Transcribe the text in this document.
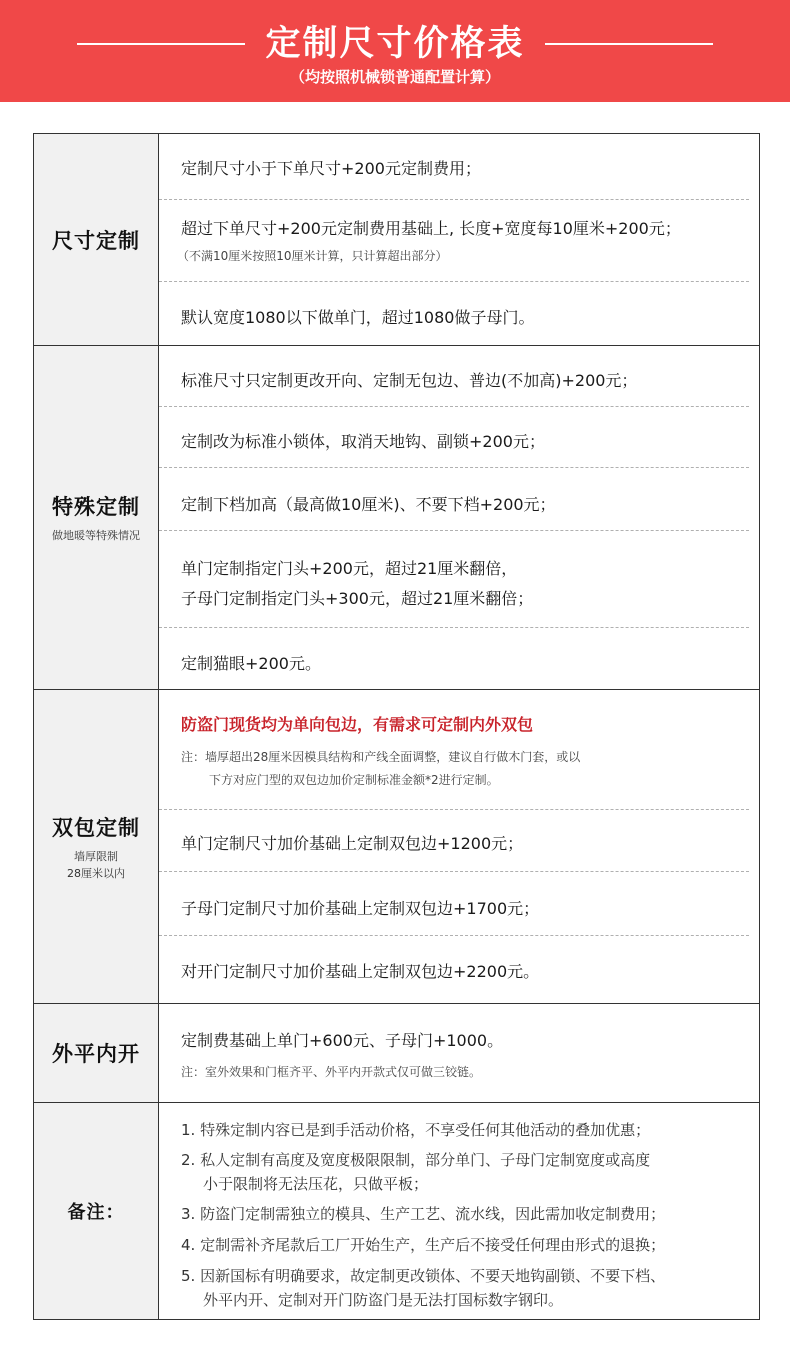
定制尺寸价格表
（均按照机械锁普通配置计算）
尺寸定制
定制尺寸小于下单尺寸+200元定制费用；
超过下单尺寸+200元定制费用基础上, 长度+宽度每10厘米+200元；
（不满10厘米按照10厘米计算，只计算超出部分）
默认宽度1080以下做单门，超过1080做子母门。
特殊定制
做地暖等特殊情况
标准尺寸只定制更改开向、定制无包边、普边(不加高)+200元；
定制改为标准小锁体，取消天地钩、副锁+200元；
定制下档加高（最高做10厘米)、不要下档+200元；
单门定制指定门头+200元，超过21厘米翻倍，
子母门定制指定门头+300元，超过21厘米翻倍；
定制猫眼+200元。
双包定制
墙厚限制
28厘米以内
防盗门现货均为单向包边，有需求可定制内外双包
注：墙厚超出28厘米因模具结构和产线全面调整，建议自行做木门套，或以
下方对应门型的双包边加价定制标准金额*2进行定制。
单门定制尺寸加价基础上定制双包边+1200元；
子母门定制尺寸加价基础上定制双包边+1700元；
对开门定制尺寸加价基础上定制双包边+2200元。
外平内开
定制费基础上单门+600元、子母门+1000。
注：室外效果和门框齐平、外平内开款式仅可做三铰链。
备注：
1. 特殊定制内容已是到手活动价格，不享受任何其他活动的叠加优惠；
2. 私人定制有高度及宽度极限限制，部分单门、子母门定制宽度或高度
小于限制将无法压花，只做平板；
3. 防盗门定制需独立的模具、生产工艺、流水线，因此需加收定制费用；
4. 定制需补齐尾款后工厂开始生产，生产后不接受任何理由形式的退换；
5. 因新国标有明确要求，故定制更改锁体、不要天地钩副锁、不要下档、
外平内开、定制对开门防盗门是无法打国标数字钢印。
